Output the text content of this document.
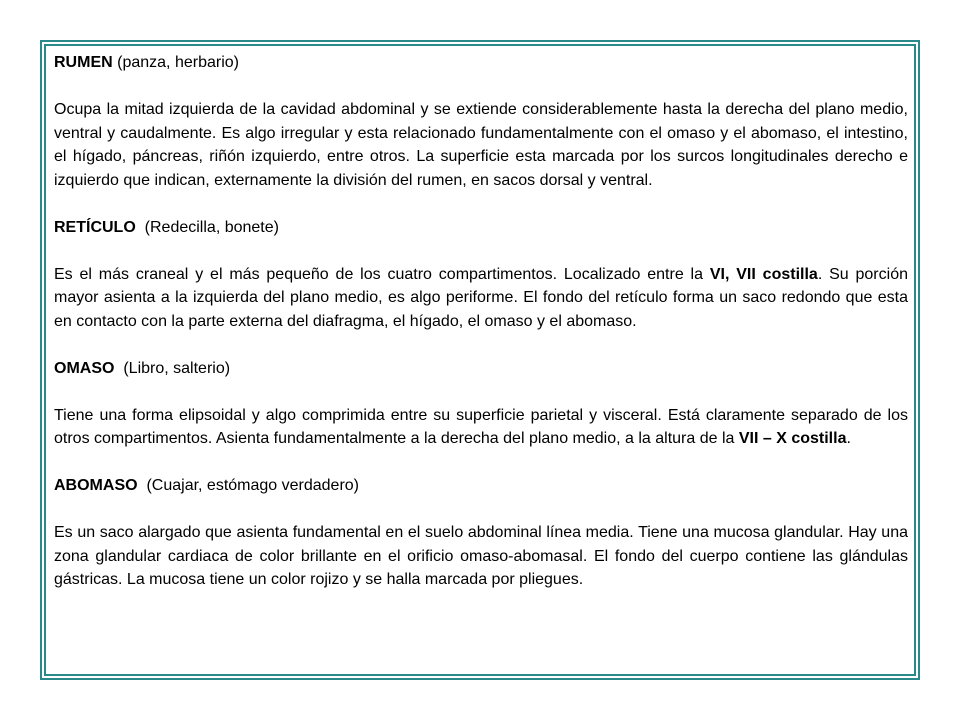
RUMEN (panza, herbario)

Ocupa la mitad izquierda de la cavidad abdominal y se extiende considerablemente hasta la derecha del plano medio, ventral y caudalmente. Es algo irregular y esta relacionado fundamentalmente con el omaso y el abomaso, el intestino, el hígado, páncreas, riñón izquierdo, entre otros. La superficie esta marcada por los surcos longitudinales derecho e izquierdo que indican, externamente la división del rumen, en sacos dorsal y ventral.

RETÍCULO (Redecilla, bonete)

Es el más craneal y el más pequeño de los cuatro compartimentos. Localizado entre la VI, VII costilla. Su porción mayor asienta a la izquierda del plano medio, es algo periforme. El fondo del retículo forma un saco redondo que esta en contacto con la parte externa del diafragma, el hígado, el omaso y el abomaso.

OMASO (Libro, salterio)

Tiene una forma elipsoidal y algo comprimida entre su superficie parietal y visceral. Está claramente separado de los otros compartimentos. Asienta fundamentalmente a la derecha del plano medio, a la altura de la VII – X costilla.

ABOMASO (Cuajar, estómago verdadero)

Es un saco alargado que asienta fundamental en el suelo abdominal línea media. Tiene una mucosa glandular. Hay una zona glandular cardiaca de color brillante en el orificio omaso-abomasal. El fondo del cuerpo contiene las glándulas gástricas. La mucosa tiene un color rojizo y se halla marcada por pliegues.
